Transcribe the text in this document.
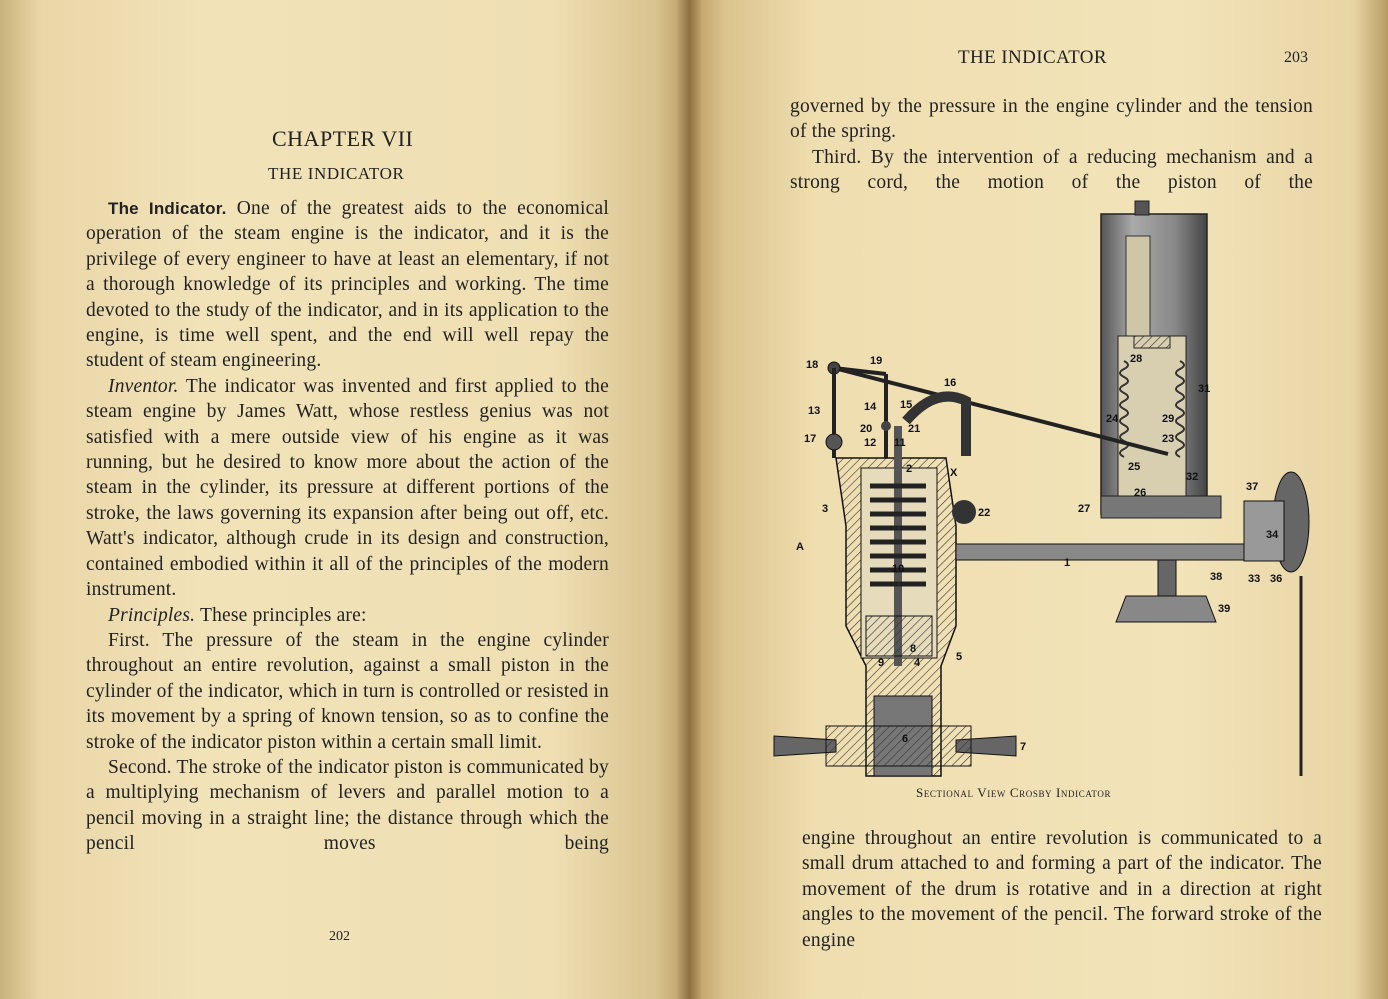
CHAPTER VII
THE INDICATOR

The Indicator. One of the greatest aids to the economical operation of the steam engine is the indicator, and it is the privilege of every engineer to have at least an elementary, if not a thorough knowledge of its principles and working. The time devoted to the study of the indicator, and in its application to the engine, is time well spent, and the end will well repay the student of steam engineering.

Inventor. The indicator was invented and first applied to the steam engine by James Watt, whose restless genius was not satisfied with a mere outside view of his engine as it was running, but he desired to know more about the action of the steam in the cylinder, its pressure at different portions of the stroke, the laws governing its expansion after being out off, etc. Watt's indicator, although crude in its design and construction, contained embodied within it all of the principles of the modern instrument.

Principles. These principles are:

First. The pressure of the steam in the engine cylinder throughout an entire revolution, against a small piston in the cylinder of the indicator, which in turn is controlled or resisted in its movement by a spring of known tension, so as to confine the stroke of the indicator piston within a certain small limit.

Second. The stroke of the indicator piston is communicated by a multiplying mechanism of levers and parallel motion to a pencil moving in a straight line; the distance through which the pencil moves being

202
THE INDICATOR	203

governed by the pressure in the engine cylinder and the tension of the spring.

Third. By the intervention of a reducing mechanism and a strong cord, the motion of the piston of the

18	19
16
13	14 15
20	21
17	12 11
2	X
28
31
24	29
23
25
26
32
3	22	27
37
A
1
34
10
38 33 36
39
8
9	4	5
6
7
Sectional View Crosby Indicator

engine throughout an entire revolution is communicated to a small drum attached to and forming a part of the indicator. The movement of the drum is rotative and in a direction at right angles to the movement of the pencil. The forward stroke of the engine
